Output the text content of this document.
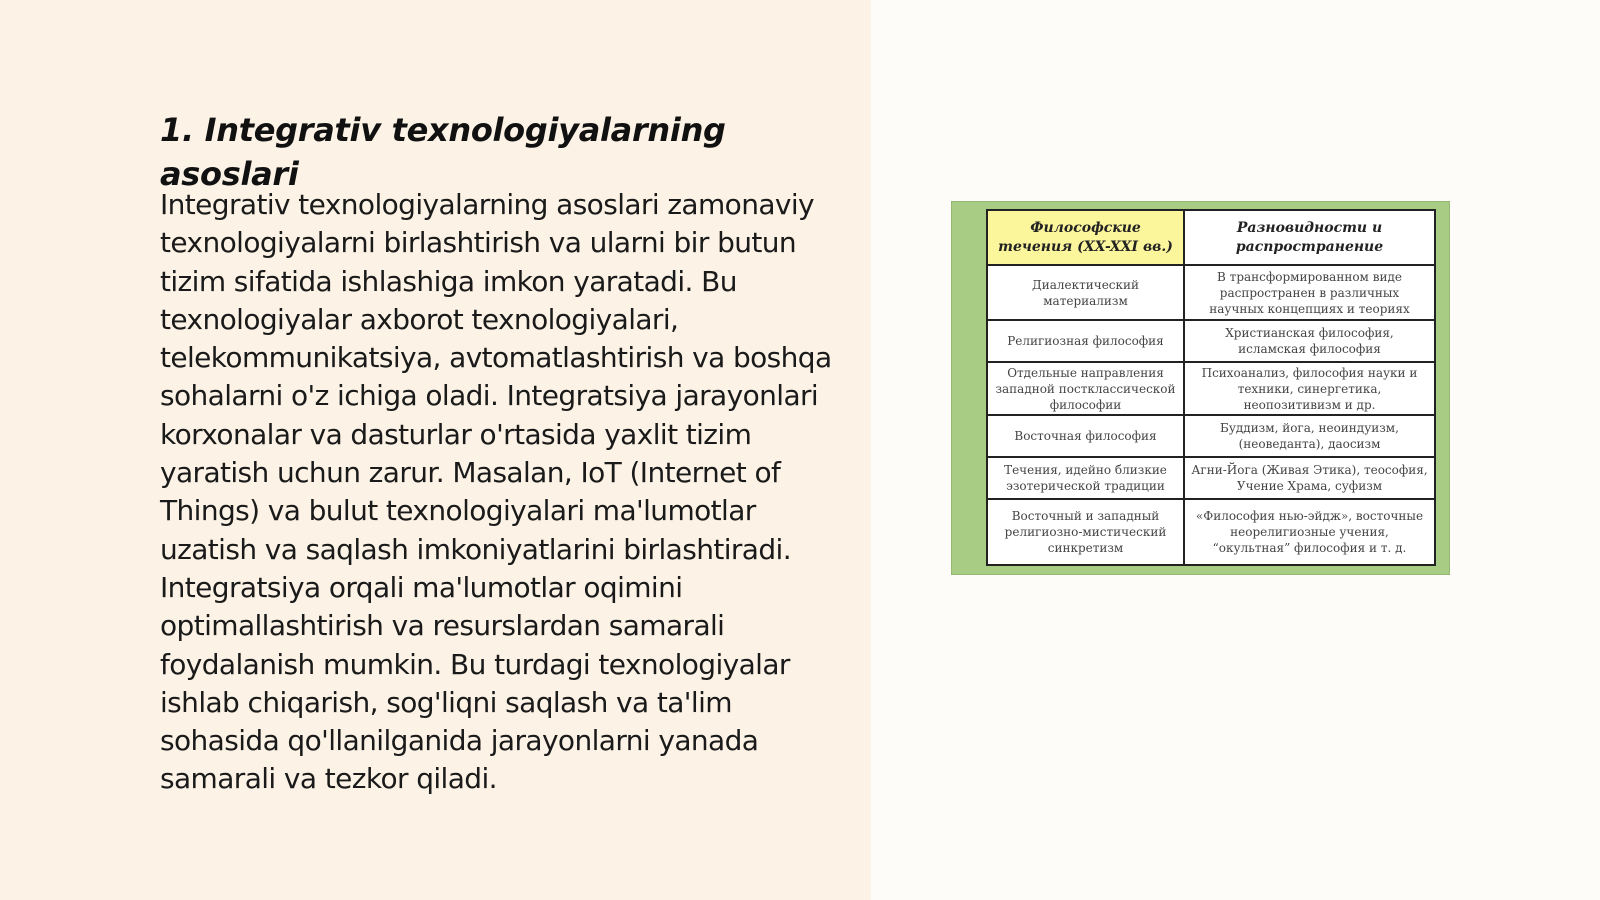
1. Integrativ texnologiyalarning asoslari

Integrativ texnologiyalarning asoslari zamonaviy texnologiyalarni birlashtirish va ularni bir butun tizim sifatida ishlashiga imkon yaratadi. Bu texnologiyalar axborot texnologiyalari, telekommunikatsiya, avtomatlashtirish va boshqa sohalarni o'z ichiga oladi. Integratsiya jarayonlari korxonalar va dasturlar o'rtasida yaxlit tizim yaratish uchun zarur. Masalan, IoT (Internet of Things) va bulut texnologiyalari ma'lumotlar uzatish va saqlash imkoniyatlarini birlashtiradi. Integratsiya orqali ma'lumotlar oqimini optimallashtirish va resurslardan samarali foydalanish mumkin. Bu turdagi texnologiyalar ishlab chiqarish, sog'liqni saqlash va ta'lim sohasida qo'llanilganida jarayonlarni yanada samarali va tezkor qiladi.

Философские течения (XX-XXI вв.)	Разновидности и распространение
Диалектический материализм	В трансформированном виде распространен в различных научных концепциях и теориях
Религиозная философия	Христианская философия, исламская философия
Отдельные направления западной постклассической философии	Психоанализ, философия науки и техники, синергетика, неопозитивизм и др.
Восточная философия	Буддизм, йога, неоиндуизм, (неоведанта), даосизм
Течения, идейно близкие эзотерической традиции	Агни-Йога (Живая Этика), теософия, Учение Храма, суфизм
Восточный и западный религиозно-мистический синкретизм	«Философия нью-эйдж», восточные неорелигиозные учения, “окультная” философия и т. д.
